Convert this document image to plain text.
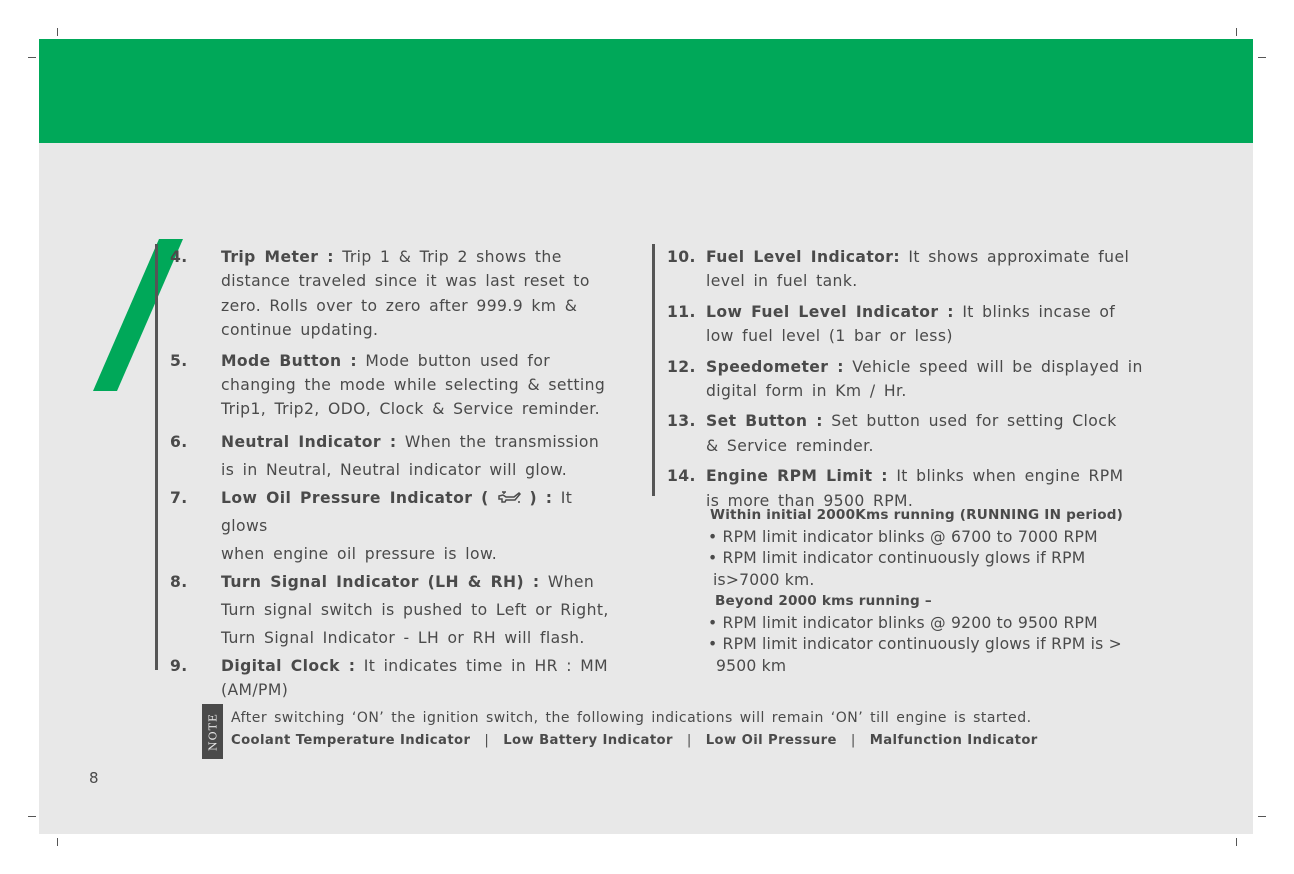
4. Trip Meter : Trip 1 & Trip 2 shows the
distance traveled since it was last reset to
zero. Rolls over to zero after 999.9 km &
continue updating.
5. Mode Button : Mode button used for
changing the mode while selecting & setting
Trip1, Trip2, ODO, Clock & Service reminder.
6. Neutral Indicator : When the transmission
is in Neutral, Neutral indicator will glow.
7. Low Oil Pressure Indicator (	) : It glows
when engine oil pressure is low.
8. Turn Signal Indicator (LH & RH) : When
Turn signal switch is pushed to Left or Right,
Turn Signal Indicator - LH or RH will flash.
9. Digital Clock : It indicates time in HR : MM
(AM/PM)
10. Fuel Level Indicator: It shows approximate fuel
level in fuel tank.
11. Low Fuel Level Indicator : It blinks incase of
low fuel level (1 bar or less)
12. Speedometer : Vehicle speed will be displayed in
digital form in Km / Hr.
13. Set Button : Set button used for setting Clock
& Service reminder.
14. Engine RPM Limit : It blinks when engine RPM
is more than 9500 RPM.
Within initial 2000Kms running (RUNNING IN period)
• RPM limit indicator blinks @ 6700 to 7000 RPM
• RPM limit indicator continuously glows if RPM
is>7000 km.
Beyond 2000 kms running –
• RPM limit indicator blinks @ 9200 to 9500 RPM
• RPM limit indicator continuously glows if RPM is >
9500 km
NOTE After switching ‘ON’ the ignition switch, the following indications will remain ‘ON’ till engine is started.
Coolant Temperature Indicator | Low Battery Indicator | Low Oil Pressure | Malfunction Indicator
8
